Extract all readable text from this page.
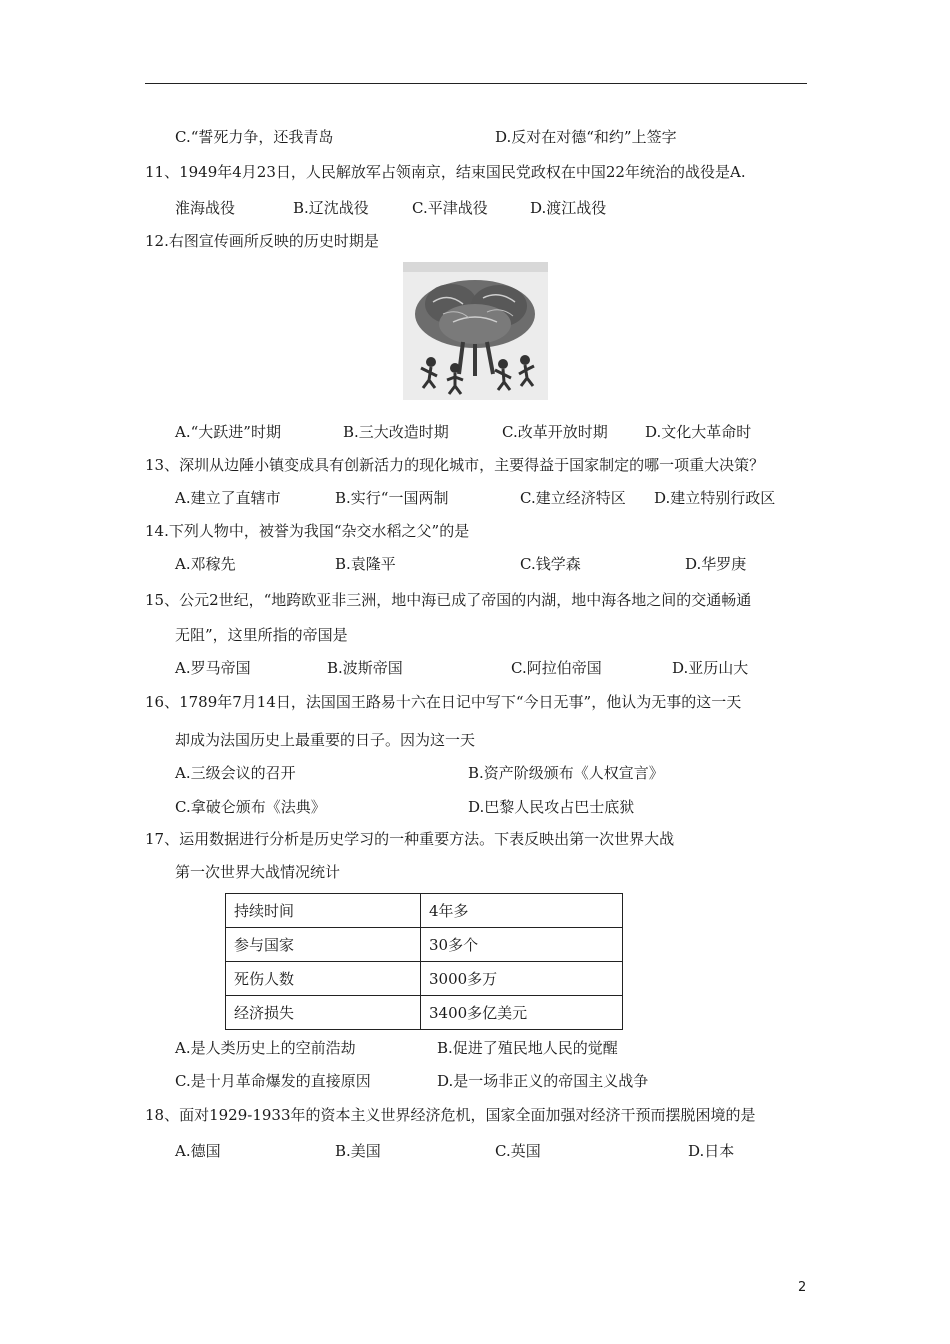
C.“誓死力争，还我青岛	D.反对在对德“和约”上签字
11、1949年4月23日，人民解放军占领南京，结束国民党政权在中国22年统治的战役是A.
淮海战役	B.辽沈战役	C.平津战役	D.渡江战役
12.右图宣传画所反映的历史时期是
A.“大跃进”时期	B.三大改造时期	C.改革开放时期 D.文化大革命时
13、深圳从边陲小镇变成具有创新活力的现化城市，主要得益于国家制定的哪一项重大决策？
A.建立了直辖市	B.实行“一国两制	C.建立经济特区 D.建立特别行政区
14.下列人物中，被誉为我国“杂交水稻之父”的是
A.邓稼先	B.袁隆平	C.钱学森	D.华罗庚
15、公元2世纪，“地跨欧亚非三洲，地中海已成了帝国的内湖，地中海各地之间的交通畅通
无阻”，这里所指的帝国是
A.罗马帝国	B.波斯帝国	C.阿拉伯帝国	D.亚历山大
16、1789年7月14日，法国国王路易十六在日记中写下“今日无事”，他认为无事的这一天
却成为法国历史上最重要的日子。因为这一天
A.三级会议的召开	B.资产阶级颁布《人权宣言》
C.拿破仑颁布《法典》	D.巴黎人民攻占巴士底狱
17、运用数据进行分析是历史学习的一种重要方法。下表反映出第一次世界大战
第一次世界大战情况统计
持续时间	4年多
参与国家	30多个
死伤人数	3000多万
经济损失	3400多亿美元
A.是人类历史上的空前浩劫	B.促进了殖民地人民的觉醒
C.是十月革命爆发的直接原因	D.是一场非正义的帝国主义战争
18、面对1929-1933年的资本主义世界经济危机，国家全面加强对经济干预而摆脱困境的是
A.德国	B.美国	C.英国	D.日本
2
